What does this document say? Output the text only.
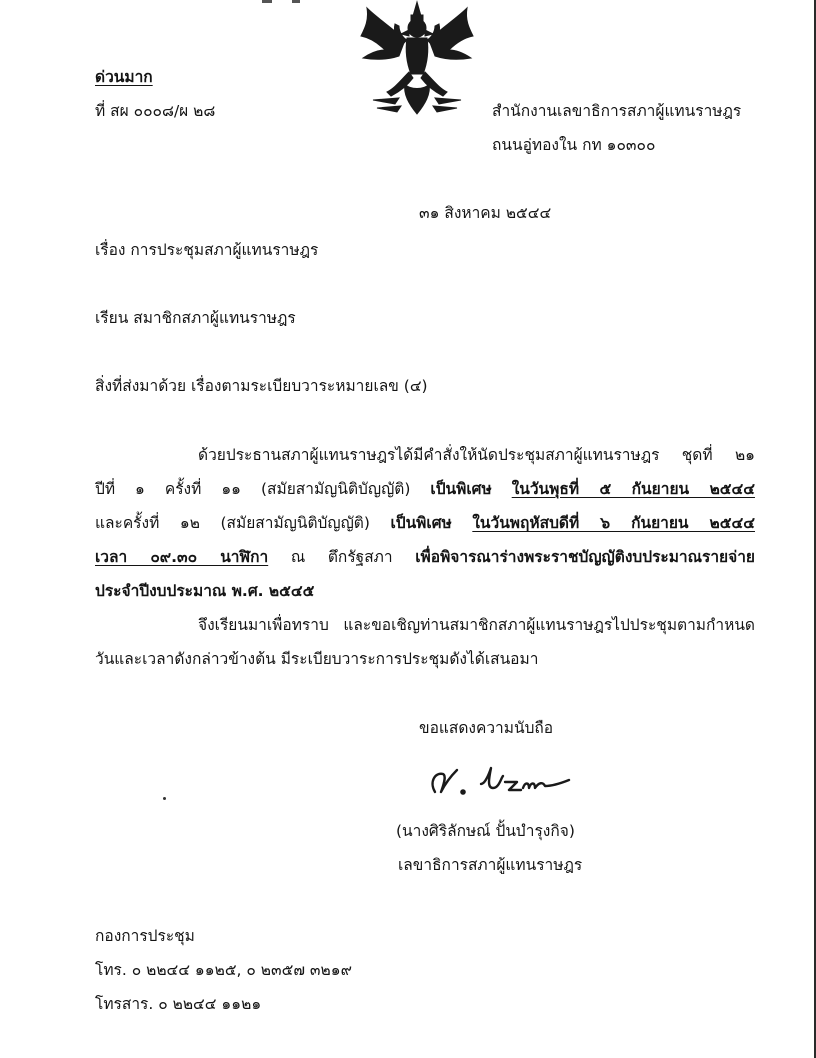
ด่วนมาก
ที่ สผ ๐๐๐๘/ผ ๒๘	สำนักงานเลขาธิการสภาผู้แทนราษฎร
ถนนอู่ทองใน กท ๑๐๓๐๐
๓๑ สิงหาคม ๒๕๔๔
เรื่อง การประชุมสภาผู้แทนราษฎร
เรียน สมาชิกสภาผู้แทนราษฎร
สิ่งที่ส่งมาด้วย เรื่องตามระเบียบวาระหมายเลข (๔)
ด้วยประธานสภาผู้แทนราษฎรได้มีคำสั่งให้นัดประชุมสภาผู้แทนราษฎร ชุดที่ ๒๑
ปีที่ ๑ ครั้งที่ ๑๑ (สมัยสามัญนิติบัญญัติ) เป็นพิเศษ ในวันพุธที่ ๕ กันยายน ๒๕๔๔
และครั้งที่ ๑๒ (สมัยสามัญนิติบัญญัติ) เป็นพิเศษ ในวันพฤหัสบดีที่ ๖ กันยายน ๒๕๔๔
เวลา ๐๙.๓๐ นาฬิกา ณ ตึกรัฐสภา เพื่อพิจารณาร่างพระราชบัญญัติงบประมาณรายจ่าย
ประจำปีงบประมาณ พ.ศ. ๒๕๔๕
จึงเรียนมาเพื่อทราบ และขอเชิญท่านสมาชิกสภาผู้แทนราษฎรไปประชุมตามกำหนด
วันและเวลาดังกล่าวข้างต้น มีระเบียบวาระการประชุมดังได้เสนอมา
ขอแสดงความนับถือ
(นางศิริลักษณ์ ปั้นบำรุงกิจ)
เลขาธิการสภาผู้แทนราษฎร
กองการประชุม
โทร. ๐ ๒๒๔๔ ๑๑๒๕, ๐ ๒๓๕๗ ๓๒๑๙
โทรสาร. ๐ ๒๒๔๔ ๑๑๒๑
